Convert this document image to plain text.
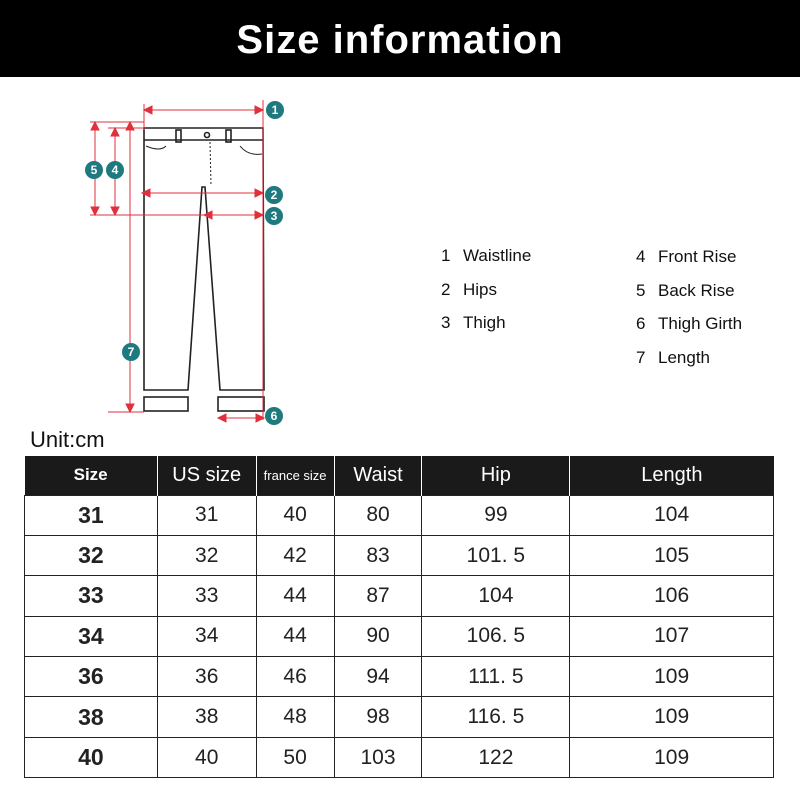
Size information
1
2
3
4
5
6
7
1 Waistline
2 Hips
3 Thigh
4 Front Rise
5 Back Rise
6 Thigh Girth
7 Length
Unit:cm
Size	US size	france size	Waist	Hip	Length
31	31	40	80	99	104
32	32	42	83	101. 5	105
33	33	44	87	104	106
34	34	44	90	106. 5	107
36	36	46	94	111. 5	109
38	38	48	98	116. 5	109
40	40	50	103	122	109
